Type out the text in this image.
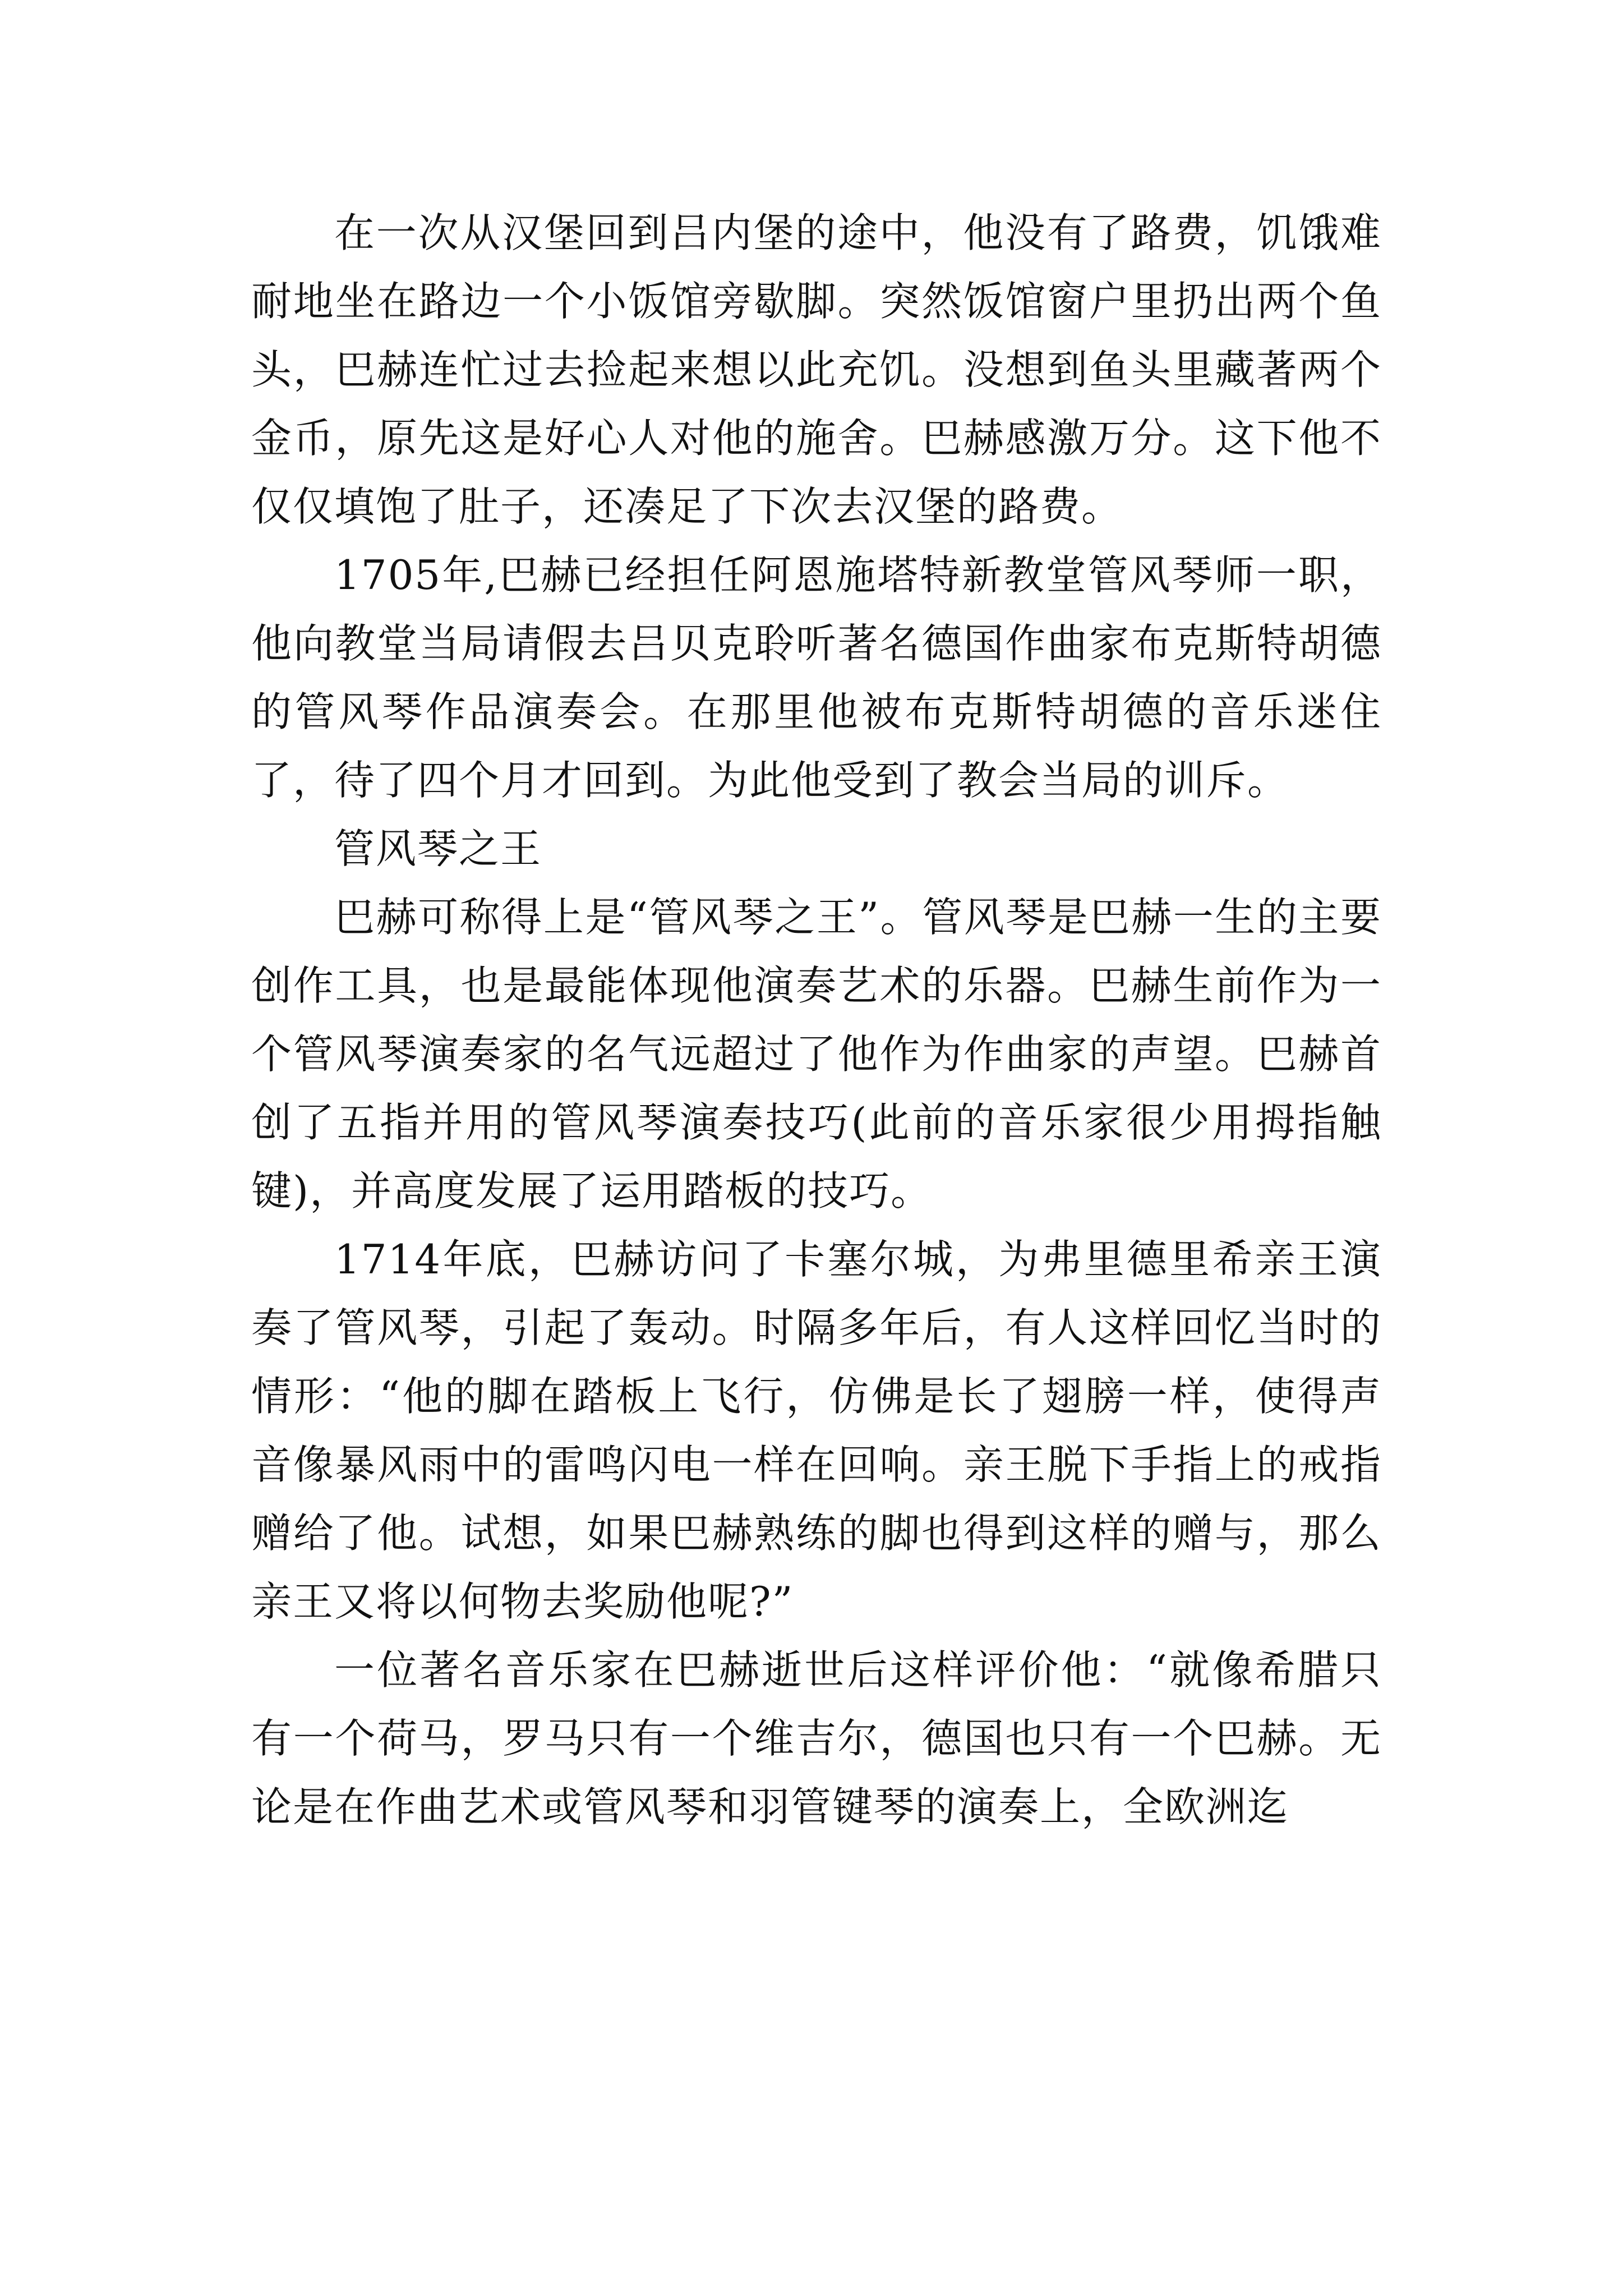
在一次从汉堡回到吕内堡的途中，他没有了路费，饥饿难耐地坐在路边一个小饭馆旁歇脚。突然饭馆窗户里扔出两个鱼头，巴赫连忙过去捡起来想以此充饥。没想到鱼头里藏著两个金币，原先这是好心人对他的施舍。巴赫感激万分。这下他不仅仅填饱了肚子，还凑足了下次去汉堡的路费。

1705年,巴赫已经担任阿恩施塔特新教堂管风琴师一职，他向教堂当局请假去吕贝克聆听著名德国作曲家布克斯特胡德的管风琴作品演奏会。在那里他被布克斯特胡德的音乐迷住了，待了四个月才回到。为此他受到了教会当局的训斥。

管风琴之王

巴赫可称得上是“管风琴之王”。管风琴是巴赫一生的主要创作工具，也是最能体现他演奏艺术的乐器。巴赫生前作为一个管风琴演奏家的名气远超过了他作为作曲家的声望。巴赫首创了五指并用的管风琴演奏技巧(此前的音乐家很少用拇指触键)，并高度发展了运用踏板的技巧。

1714年底，巴赫访问了卡塞尔城，为弗里德里希亲王演奏了管风琴，引起了轰动。时隔多年后，有人这样回忆当时的情形：“他的脚在踏板上飞行，仿佛是长了翅膀一样，使得声音像暴风雨中的雷鸣闪电一样在回响。亲王脱下手指上的戒指赠给了他。试想，如果巴赫熟练的脚也得到这样的赠与，那么亲王又将以何物去奖励他呢?”

一位著名音乐家在巴赫逝世后这样评价他：“就像希腊只有一个荷马，罗马只有一个维吉尔，德国也只有一个巴赫。无论是在作曲艺术或管风琴和羽管键琴的演奏上，全欧洲迄
